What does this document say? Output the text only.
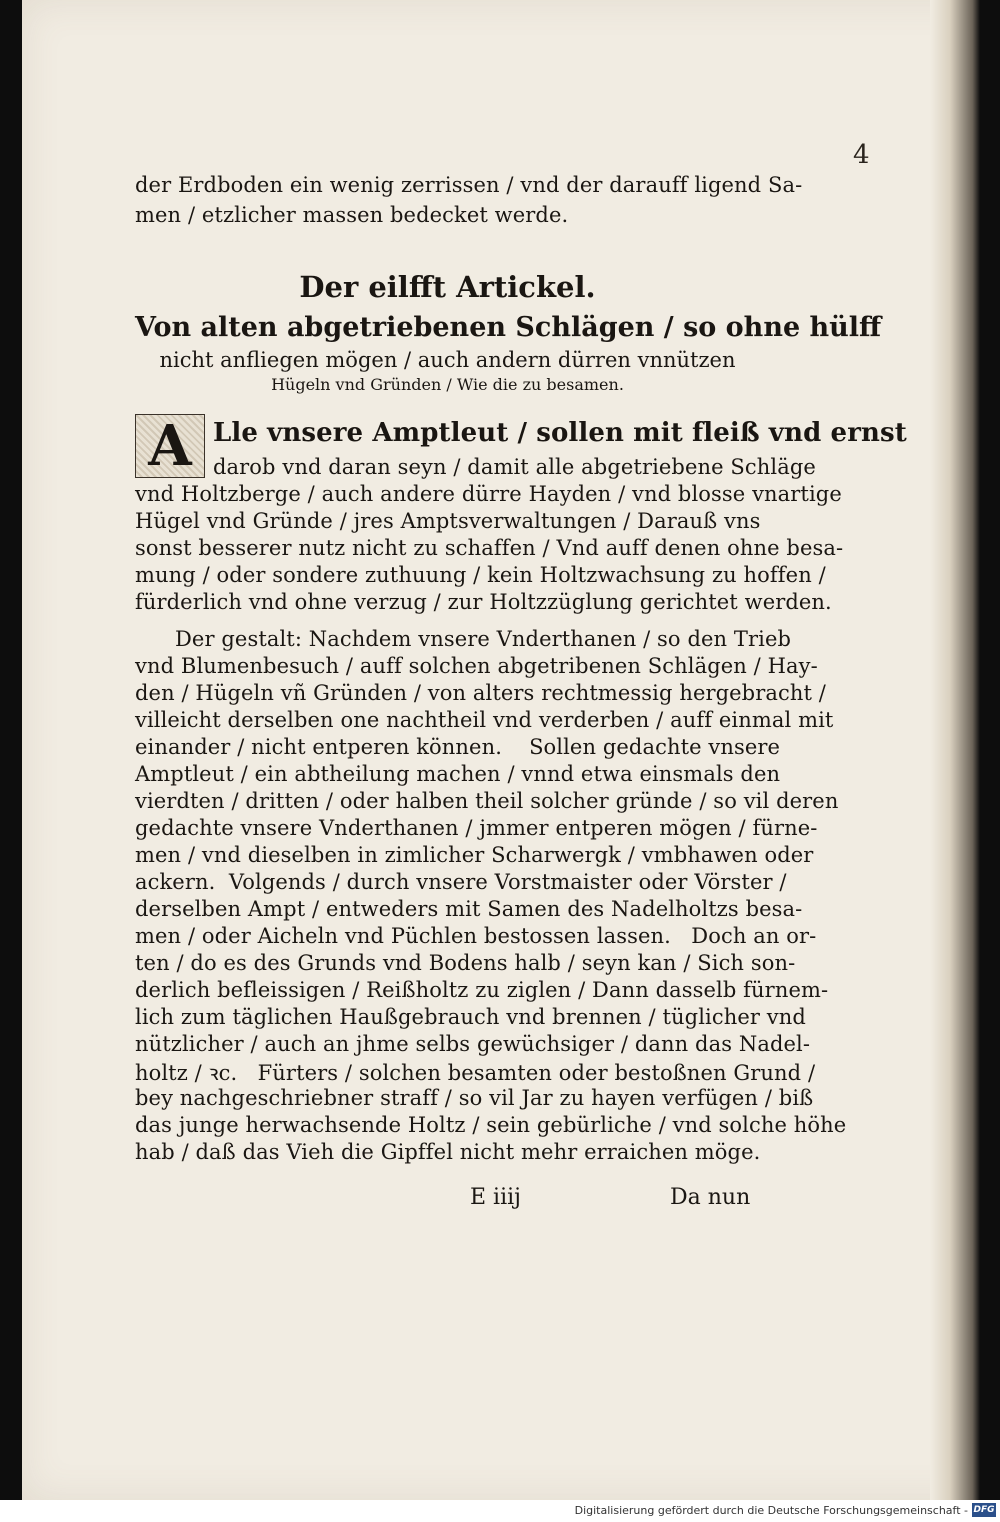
4
der Erdboden ein wenig zerrissen / vnd der darauff ligend Sa-
men / etzlicher massen bedecket werde.
Der eilfft Artickel.
Von alten abgetriebenen Schlägen / so ohne hülff
nicht anfliegen mögen / auch andern dürren vnnützen
Hügeln vnd Gründen / Wie die zu besamen.
A Lle vnsere Amptleut / sollen mit fleiß vnd ernst
darob vnd daran seyn / damit alle abgetriebene Schläge
vnd Holtzberge / auch andere dürre Hayden / vnd blosse vnartige
Hügel vnd Gründe / jres Amptsverwaltungen / Darauß vns
sonst besserer nutz nicht zu schaffen / Vnd auff denen ohne besa-
mung / oder sondere zuthuung / kein Holtzwachsung zu hoffen /
fürderlich vnd ohne verzug / zur Holtzzüglung gerichtet werden.
Der gestalt: Nachdem vnsere Vnderthanen / so den Trieb
vnd Blumenbesuch / auff solchen abgetribenen Schlägen / Hay-
den / Hügeln vñ Gründen / von alters rechtmessig hergebracht /
villeicht derselben one nachtheil vnd verderben / auff einmal mit
einander / nicht entperen können.    Sollen gedachte vnsere
Amptleut / ein abtheilung machen / vnnd etwa einsmals den
vierdten / dritten / oder halben theil solcher gründe / so vil deren
gedachte vnsere Vnderthanen / jmmer entperen mögen / fürne-
men / vnd dieselben in zimlicher Scharwergk / vmbhawen oder
ackern.  Volgends / durch vnsere Vorstmaister oder Vörster /
derselben Ampt / entweders mit Samen des Nadelholtzs besa-
men / oder Aicheln vnd Püchlen bestossen lassen.   Doch an or-
ten / do es des Grunds vnd Bodens halb / seyn kan / Sich son-
derlich befleissigen / Reißholtz zu ziglen / Dann dasselb fürnem-
lich zum täglichen Haußgebrauch vnd brennen / tüglicher vnd
nützlicher / auch an jhme selbs gewüchsiger / dann das Nadel-
holtz / ꝛc.   Fürters / solchen besamten oder bestoßnen Grund /
bey nachgeschriebner straff / so vil Jar zu hayen verfügen / biß
das junge herwachsende Holtz / sein gebürliche / vnd solche höhe
hab / daß das Vieh die Gipffel nicht mehr erraichen möge.
E iiij	Da nun
Digitalisierung gefördert durch die Deutsche Forschungsgemeinschaft - DFG
